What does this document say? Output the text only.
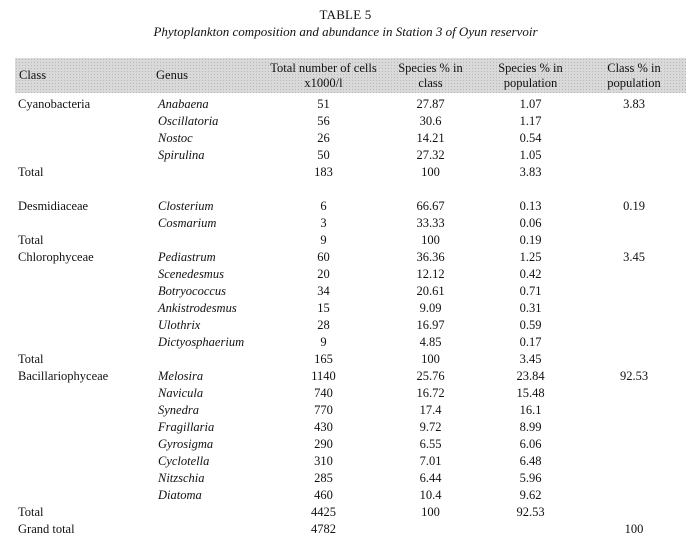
TABLE 5
Phytoplankton composition and abundance in Station 3 of Oyun reservoir
Class	Genus	Total number of cells x1000/l	Species % in class	Species % in population	Class % in population
Cyanobacteria	Anabaena	51	27.87	1.07	3.83
	Oscillatoria	56	30.6	1.17	
	Nostoc	26	14.21	0.54	
	Spirulina	50	27.32	1.05	
Total		183	100	3.83	

Desmidiaceae	Closterium	6	66.67	0.13	0.19
	Cosmarium	3	33.33	0.06	
Total		9	100	0.19	
Chlorophyceae	Pediastrum	60	36.36	1.25	3.45
	Scenedesmus	20	12.12	0.42	
	Botryococcus	34	20.61	0.71	
	Ankistrodesmus	15	9.09	0.31	
	Ulothrix	28	16.97	0.59	
	Dictyosphaerium	9	4.85	0.17	
Total		165	100	3.45	
Bacillariophyceae	Melosira	1140	25.76	23.84	92.53
	Navicula	740	16.72	15.48	
	Synedra	770	17.4	16.1	
	Fragillaria	430	9.72	8.99	
	Gyrosigma	290	6.55	6.06	
	Cyclotella	310	7.01	6.48	
	Nitzschia	285	6.44	5.96	
	Diatoma	460	10.4	9.62	
Total		4425	100	92.53	
Grand total		4782			100
